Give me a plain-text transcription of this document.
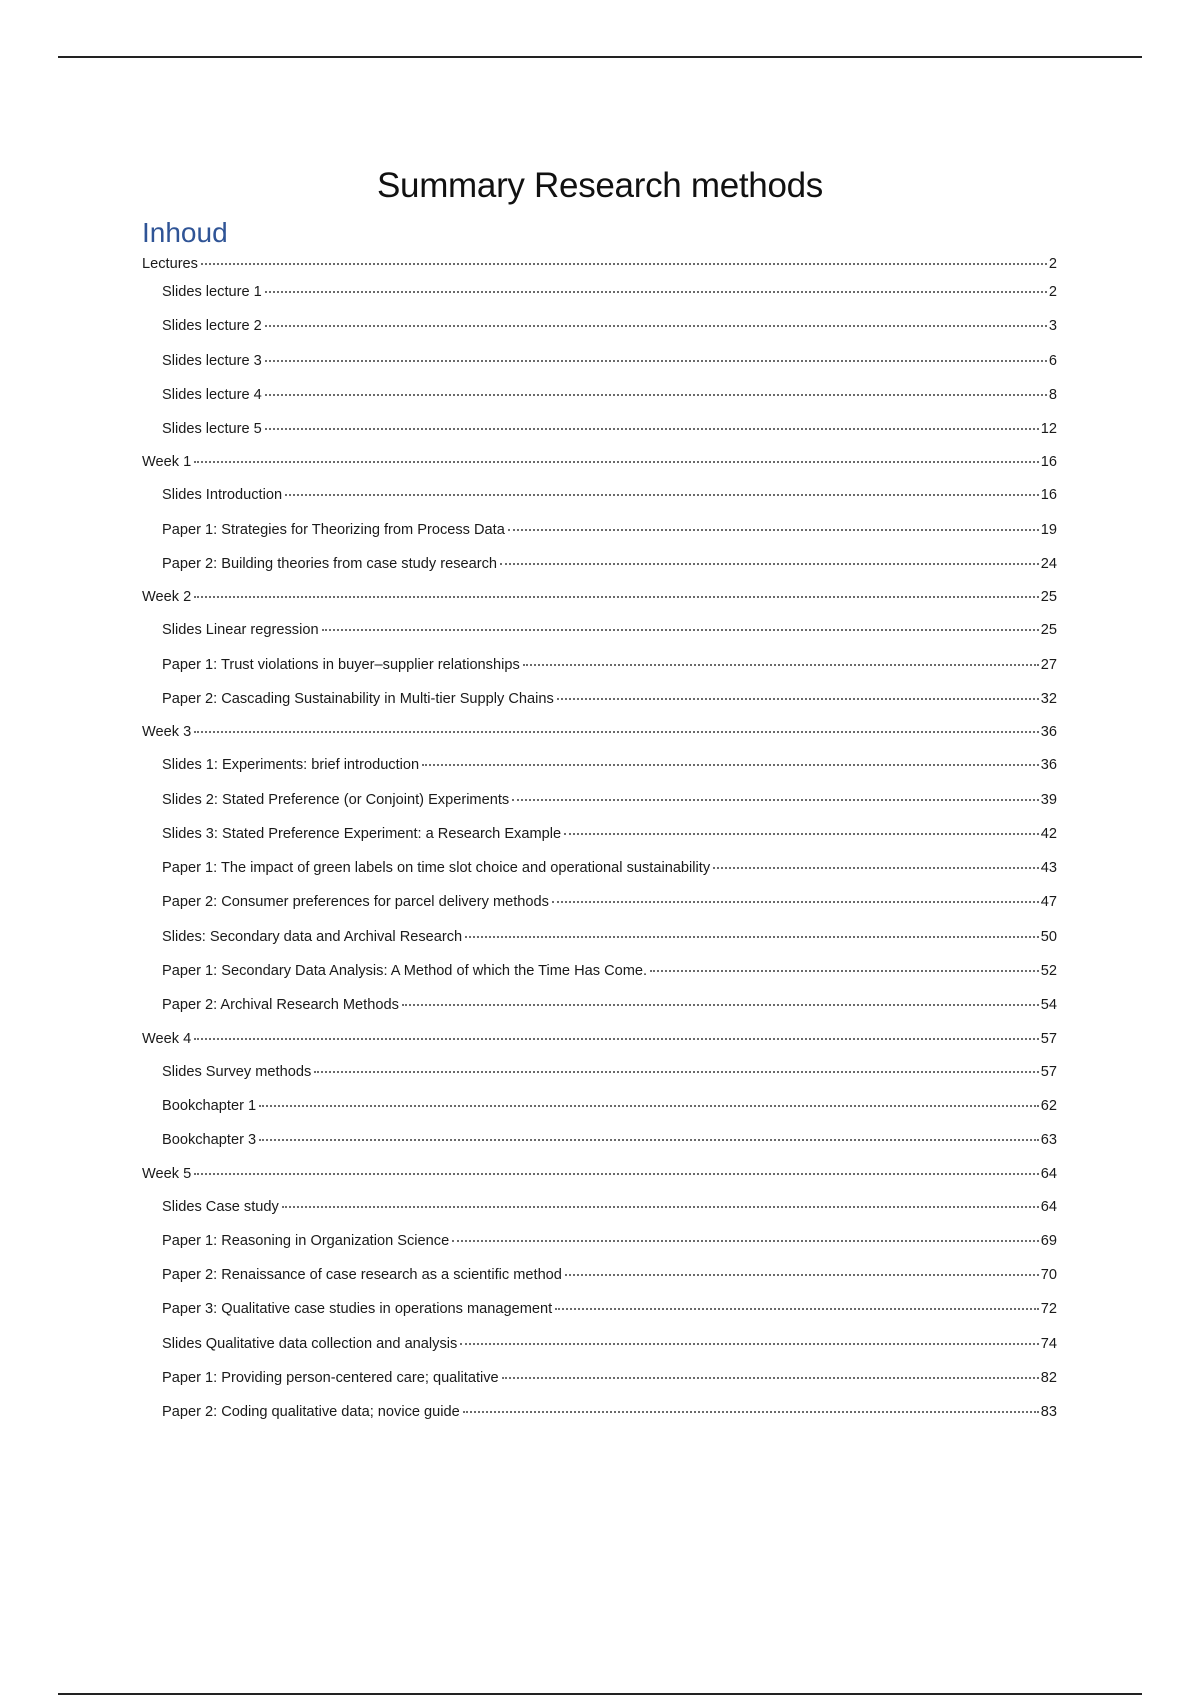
Summary Research methods
Inhoud
Lectures	2
Slides lecture 1	2
Slides lecture 2	3
Slides lecture 3	6
Slides lecture 4	8
Slides lecture 5	12
Week 1	16
Slides Introduction	16
Paper 1: Strategies for Theorizing from Process Data	19
Paper 2: Building theories from case study research	24
Week 2	25
Slides Linear regression	25
Paper 1: Trust violations in buyer–supplier relationships	27
Paper 2: Cascading Sustainability in Multi-tier Supply Chains	32
Week 3	36
Slides 1: Experiments: brief introduction	36
Slides 2: Stated Preference (or Conjoint) Experiments	39
Slides 3: Stated Preference Experiment: a Research Example	42
Paper 1: The impact of green labels on time slot choice and operational sustainability	43
Paper 2: Consumer preferences for parcel delivery methods	47
Slides: Secondary data and Archival Research	50
Paper 1: Secondary Data Analysis: A Method of which the Time Has Come.	52
Paper 2: Archival Research Methods	54
Week 4	57
Slides Survey methods	57
Bookchapter 1	62
Bookchapter 3	63
Week 5	64
Slides Case study	64
Paper 1: Reasoning in Organization Science	69
Paper 2: Renaissance of case research as a scientific method	70
Paper 3: Qualitative case studies in operations management	72
Slides Qualitative data collection and analysis	74
Paper 1: Providing person-centered care; qualitative	82
Paper 2: Coding qualitative data; novice guide	83
